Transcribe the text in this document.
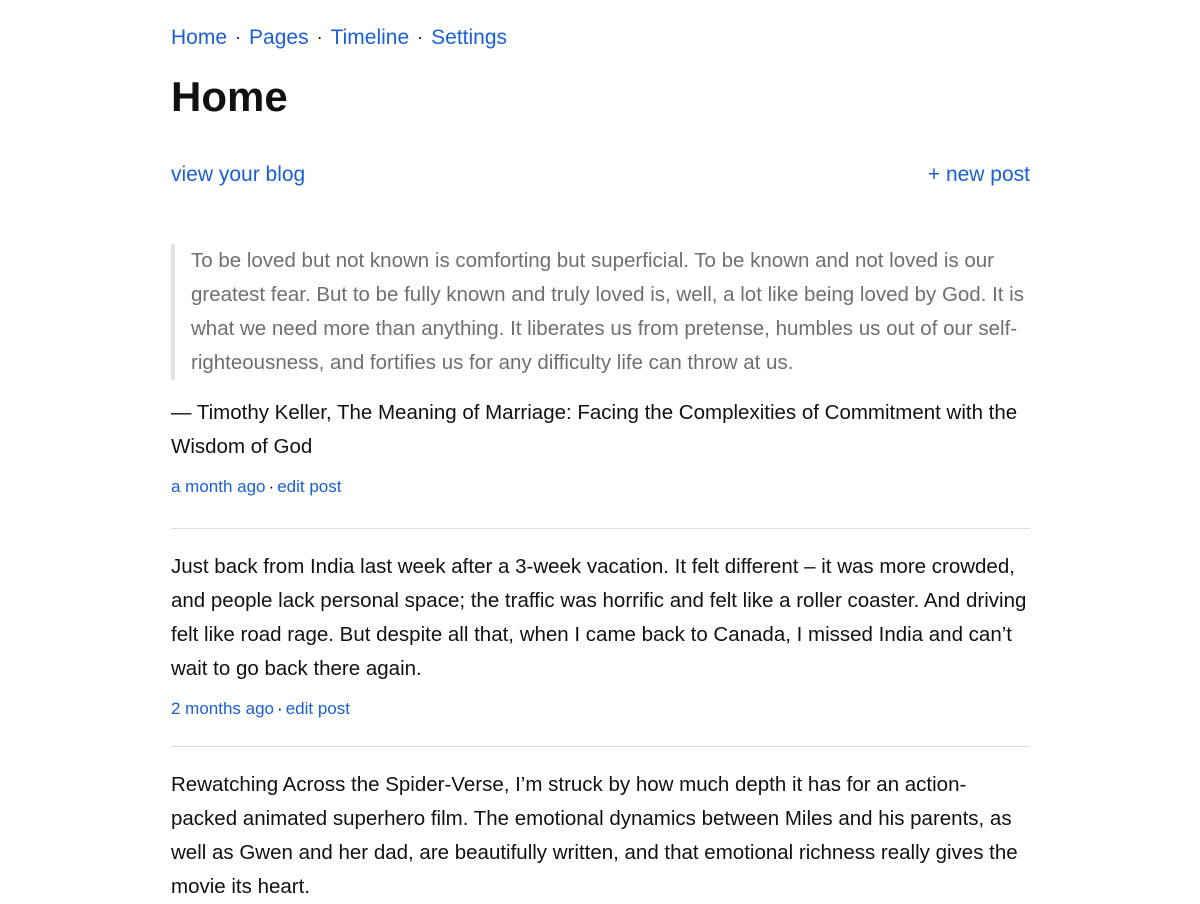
Home · Pages · Timeline · Settings
Home
view your blog	+ new post
To be loved but not known is comforting but superficial. To be known and not loved is our greatest fear. But to be fully known and truly loved is, well, a lot like being loved by God. It is what we need more than anything. It liberates us from pretense, humbles us out of our self-righteousness, and fortifies us for any difficulty life can throw at us.
— Timothy Keller, The Meaning of Marriage: Facing the Complexities of Commitment with the Wisdom of God
a month ago · edit post

Just back from India last week after a 3-week vacation. It felt different – it was more crowded, and people lack personal space; the traffic was horrific and felt like a roller coaster. And driving felt like road rage. But despite all that, when I came back to Canada, I missed India and can’t wait to go back there again.

2 months ago · edit post

Rewatching Across the Spider-Verse, I’m struck by how much depth it has for an action-packed animated superhero film. The emotional dynamics between Miles and his parents, as well as Gwen and her dad, are beautifully written, and that emotional richness really gives the movie its heart.
